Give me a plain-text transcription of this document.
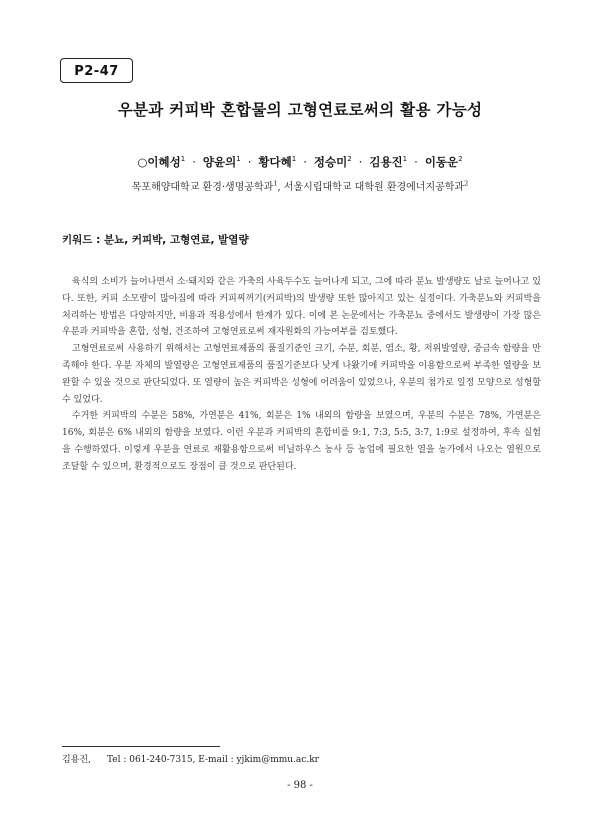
P2-47
우분과 커피박 혼합물의 고형연료로써의 활용 가능성
○이혜성$^1$ · 양윤의$^1$ · 황다혜$^1$ · 정승미$^2$ · 김용진$^1$ · 이동운$^2$
목포해양대학교 환경·생명공학과$^1$, 서울시립대학교 대학원 환경에너지공학과$^2$
키워드 : 분뇨, 커피박, 고형연료, 발열량

육식의 소비가 늘어나면서 소·돼지와 같은 가축의 사육두수도 늘어나게 되고, 그에 따라 분뇨 발생량도 날로 늘어나고 있다. 또한, 커피 소모량이 많아짐에 따라 커피찌꺼기(커피박)의 발생량 또한 많아지고 있는 실정이다. 가축분뇨와 커피박을 처리하는 방법은 다양하지만, 비용과 적용성에서 한계가 있다. 이에 본 논문에서는 가축분뇨 중에서도 발생량이 가장 많은 우분과 커피박을 혼합, 성형, 건조하여 고형연료로써 재자원화의 가능여부를 검토했다.

고형연료로써 사용하기 위해서는 고형연료제품의 품질기준인 크기, 수분, 회분, 염소, 황, 저위발열량, 중금속 함량을 만족해야 한다. 우분 자체의 발열량은 고형연료제품의 품질기준보다 낮게 나왔기에 커피박을 이용함으로써 부족한 열량을 보완할 수 있을 것으로 판단되었다. 또 열량이 높은 커피박은 성형에 어려움이 있었으나, 우분의 첨가로 일정 모양으로 성형할 수 있었다.

수거한 커피박의 수분은 58%, 가연분은 41%, 회분은 1% 내외의 함량을 보였으며, 우분의 수분은 78%, 가연분은 16%, 회분은 6% 내외의 함량을 보였다. 이런 우분과 커피박의 혼합비를 9:1, 7:3, 5:5, 3:7, 1:9로 설정하여, 후속 실험을 수행하였다. 이렇게 우분을 연료로 재활용함으로써 비닐하우스 농사 등 농업에 필요한 열을 농가에서 나오는 열원으로 조달할 수 있으며, 환경적으로도 장점이 클 것으로 판단된다.

김용진, Tel : 061-240-7315, E-mail : yjkim@mmu.ac.kr
- 98 -
